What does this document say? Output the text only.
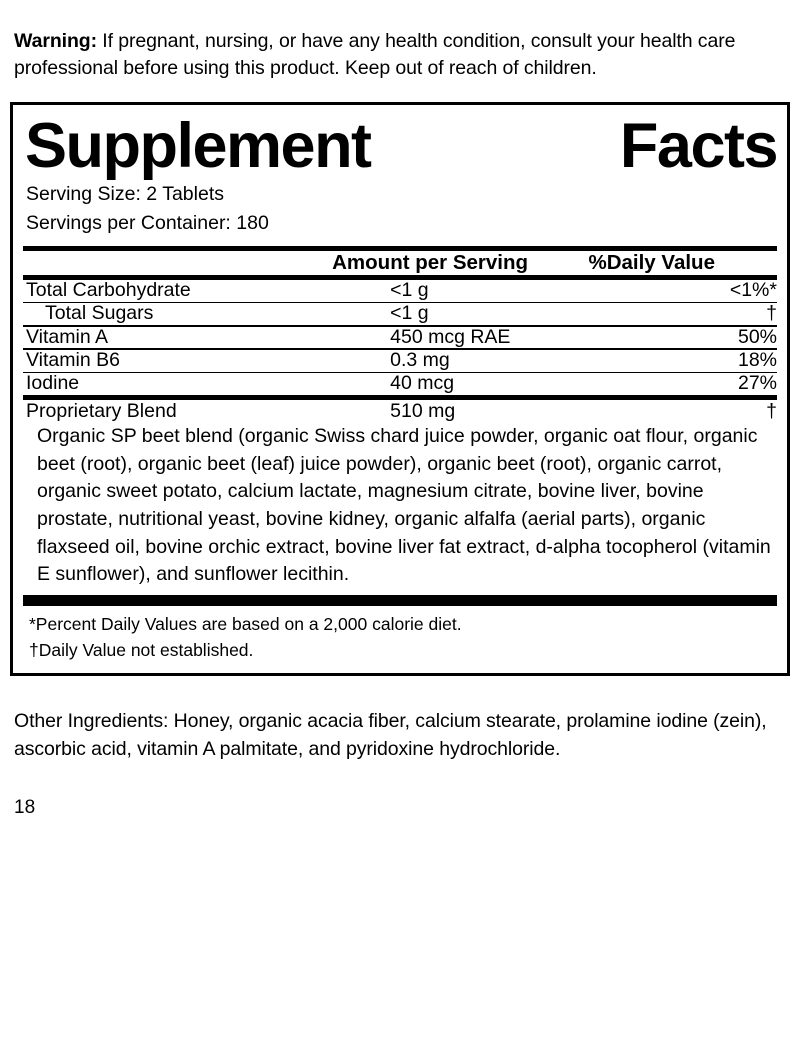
Warning: If pregnant, nursing, or have any health condition, consult your health care professional before using this product. Keep out of reach of children.

Supplement	Facts
Serving Size: 2 Tablets
Servings per Container: 180
	Amount per Serving	%Daily Value
Total Carbohydrate	<1 g	<1%*

Total Sugars	<1 g	†

Vitamin A	450 mcg RAE	50%

Vitamin B6	0.3 mg	18%

Iodine	40 mcg	27%
Proprietary Blend	510 mg	†
Organic SP beet blend (organic Swiss chard juice powder, organic oat flour, organic beet (root), organic beet (leaf) juice powder), organic beet (root), organic carrot, organic sweet potato, calcium lactate, magnesium citrate, bovine liver, bovine prostate, nutritional yeast, bovine kidney, organic alfalfa (aerial parts), organic flaxseed oil, bovine orchic extract, bovine liver fat extract, d-alpha tocopherol (vitamin E sunflower), and sunflower lecithin.
*Percent Daily Values are based on a 2,000 calorie diet.
†Daily Value not established.

Other Ingredients: Honey, organic acacia fiber, calcium stearate, prolamine iodine (zein), ascorbic acid, vitamin A palmitate, and pyridoxine hydrochloride.

18
